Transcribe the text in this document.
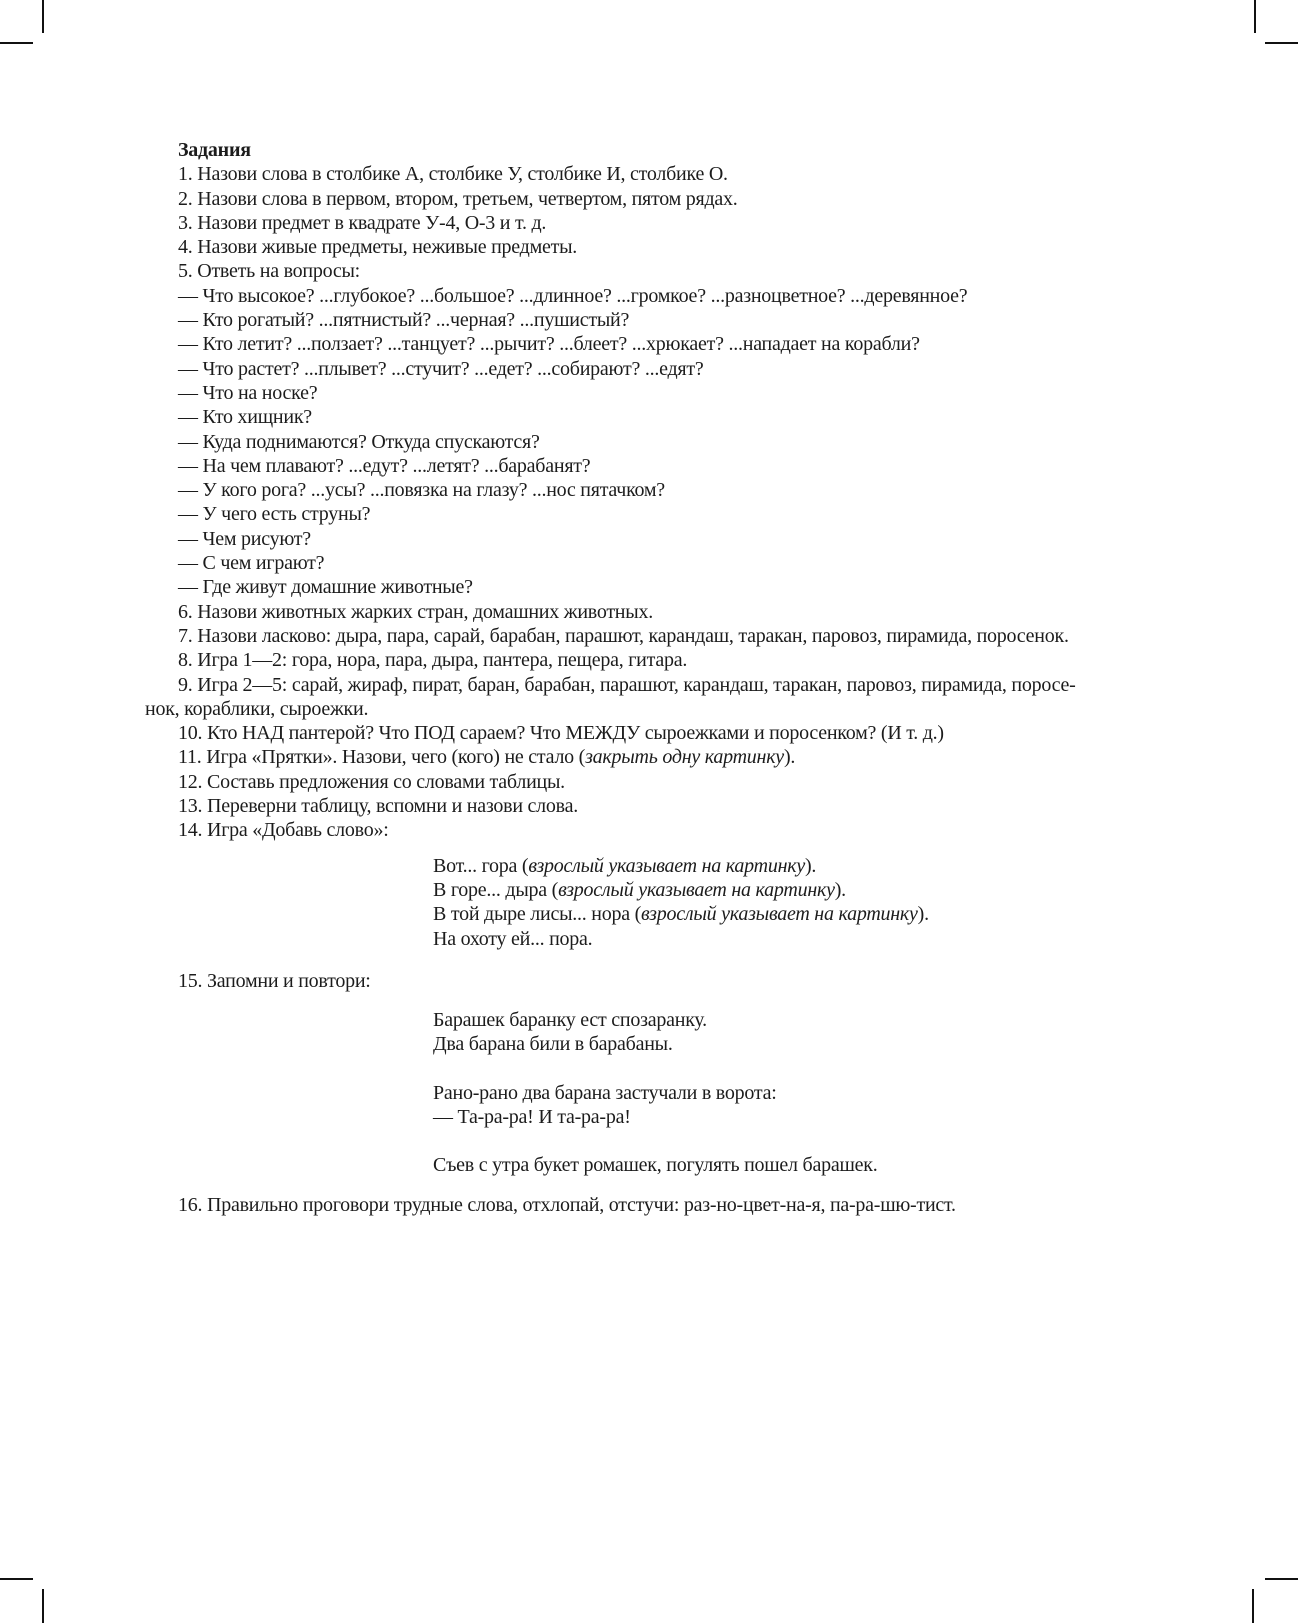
Задания
1. Назови слова в столбике А, столбике У, столбике И, столбике О.
2. Назови слова в первом, втором, третьем, четвертом, пятом рядах.
3. Назови предмет в квадрате У-4, О-3 и т. д.
4. Назови живые предметы, неживые предметы.
5. Ответь на вопросы:
— Что высокое? ...глубокое? ...большое? ...длинное? ...громкое? ...разноцветное? ...деревянное?
— Кто рогатый? ...пятнистый? ...черная? ...пушистый?
— Кто летит? ...ползает? ...танцует? ...рычит? ...блеет? ...хрюкает? ...нападает на корабли?
— Что растет? ...плывет? ...стучит? ...едет? ...собирают? ...едят?
— Что на носке?
— Кто хищник?
— Куда поднимаются? Откуда спускаются?
— На чем плавают? ...едут? ...летят? ...барабанят?
— У кого рога? ...усы? ...повязка на глазу? ...нос пятачком?
— У чего есть струны?
— Чем рисуют?
— С чем играют?
— Где живут домашние животные?
6. Назови животных жарких стран, домашних животных.
7. Назови ласково: дыра, пара, сарай, барабан, парашют, карандаш, таракан, паровоз, пирамида, поросенок.
8. Игра 1—2: гора, нора, пара, дыра, пантера, пещера, гитара.
9. Игра 2—5: сарай, жираф, пират, баран, барабан, парашют, карандаш, таракан, паровоз, пирамида, поросе-
нок, кораблики, сыроежки.
10. Кто НАД пантерой? Что ПОД сараем? Что МЕЖДУ сыроежками и поросенком? (И т. д.)
11. Игра «Прятки». Назови, чего (кого) не стало (закрыть одну картинку).
12. Составь предложения со словами таблицы.
13. Переверни таблицу, вспомни и назови слова.
14. Игра «Добавь слово»:
Вот... гора (взрослый указывает на картинку).
В горе... дыра (взрослый указывает на картинку).
В той дыре лисы... нора (взрослый указывает на картинку).
На охоту ей... пора.
15. Запомни и повтори:
Барашек баранку ест спозаранку.
Два барана били в барабаны.
Рано-рано два барана застучали в ворота:
— Та-ра-ра! И та-ра-ра!
Съев с утра букет ромашек, погулять пошел барашек.
16. Правильно проговори трудные слова, отхлопай, отстучи: раз-но-цвет-на-я, па-ра-шю-тист.
